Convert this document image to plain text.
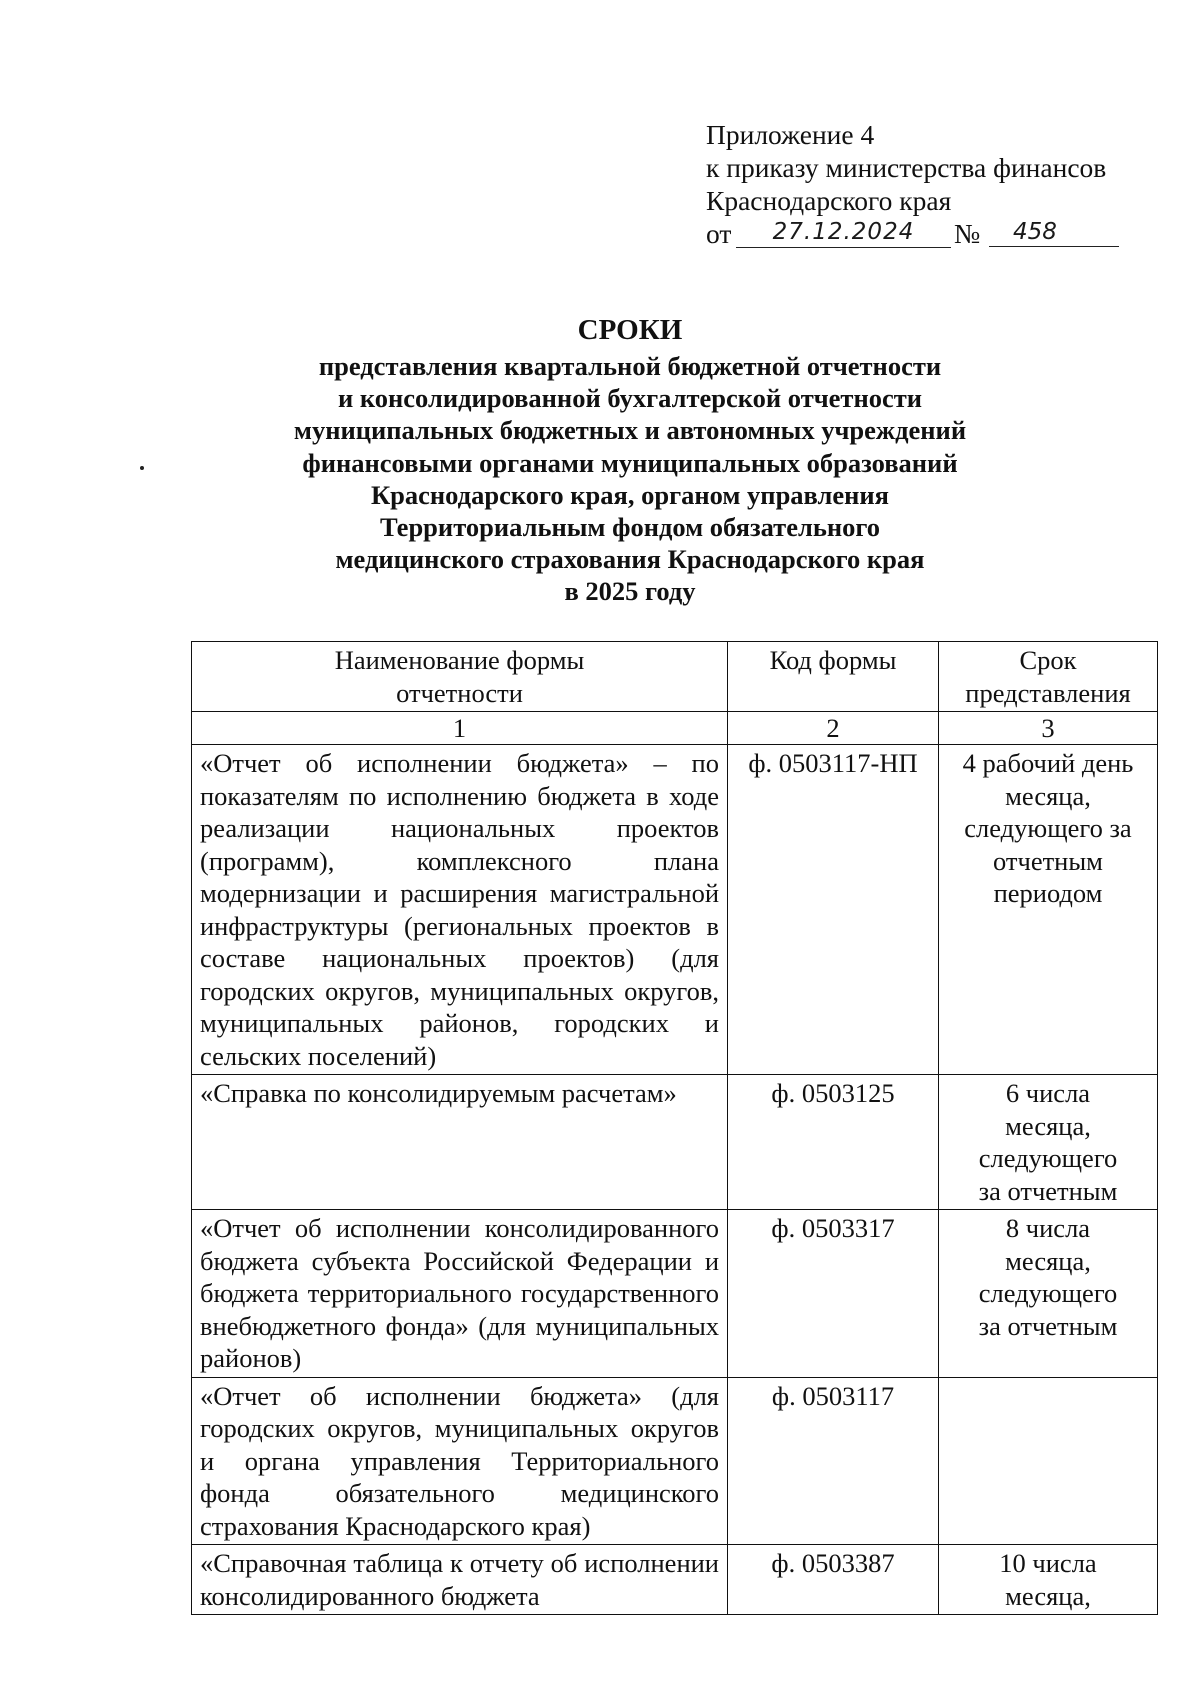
Приложение 4
к приказу министерства финансов
Краснодарского края
от	27.12.2024	№	458
СРОКИ
представления квартальной бюджетной отчетности
и консолидированной бухгалтерской отчетности
муниципальных бюджетных и автономных учреждений
финансовыми органами муниципальных образований
Краснодарского края, органом управления
Территориальным фондом обязательного
медицинского страхования Краснодарского края
в 2025 году
Наименование формы отчетности	Код формы	Срок представления
1	2	3
«Отчет об исполнении бюджета» – по показателям по исполнению бюджета в ходе реализации национальных проектов (программ), комплексного плана модернизации и расширения магистральной инфраструктуры (региональных проектов в составе национальных проектов) (для городских округов, муниципальных округов, муниципальных районов, городских и сельских поселений)	ф. 0503117-НП	4 рабочий день месяца, следующего за отчетным периодом
«Справка по консолидируемым расчетам»	ф. 0503125	6 числа месяца, следующего за отчетным
«Отчет об исполнении консолидированного бюджета субъекта Российской Федерации и бюджета территориального государственного внебюджетного фонда» (для муниципальных районов)	ф. 0503317	8 числа месяца, следующего за отчетным
«Отчет об исполнении бюджета» (для городских округов, муниципальных округов и органа управления Территориального фонда обязательного медицинского страхования Краснодарского края)	ф. 0503117	
«Справочная таблица к отчету об исполнении консолидированного бюджета	ф. 0503387	10 числа месяца,
